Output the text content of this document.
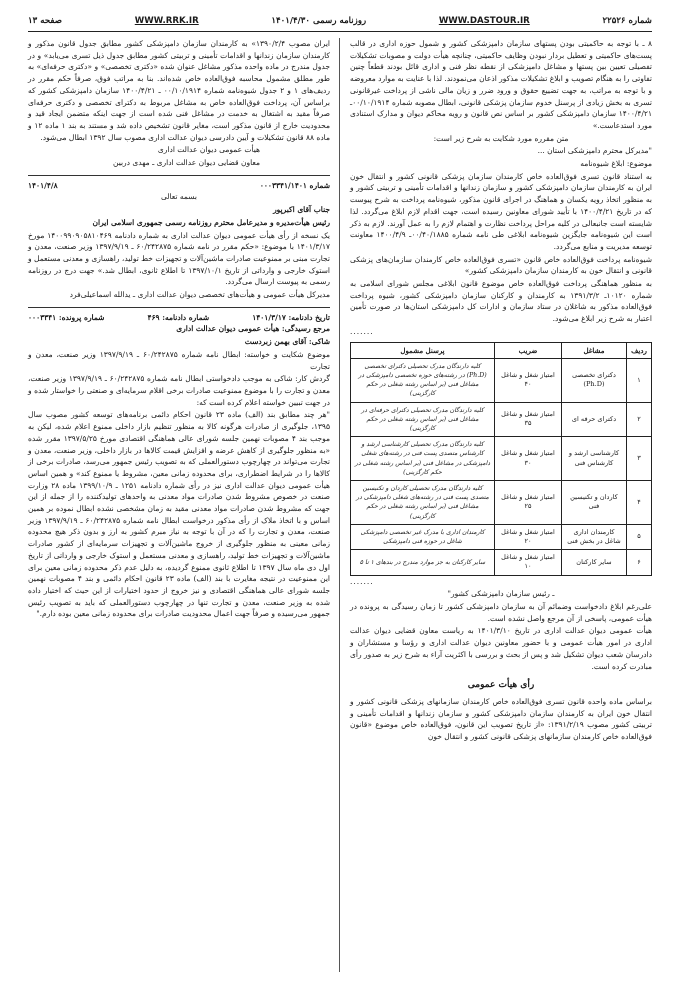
شماره ۲۲۵۲۶
WWW.DASTOUR.IR
روزنامه رسمی ۱۴۰۱/۴/۳۰
WWW.RRK.IR
صفحه ۱۳

۸ ـ با توجه به حاکمیتی بودن پستهای سازمان دامپزشکی کشور و شمول حوزه اداری در قالب پست‌های حاکمیتی و تعطیل بردار نبودن وظایف حاکمیتی، چنانچه هیأت دولت و مصوبات تشکیلات تفصیلی تعیین بین پستها و مشاغل دامپزشکی از نقطه نظر فنی و اداری قائل بودند قطعاً چنین تفاوتی را به هنگام تصویب و ابلاغ تشکیلات مذکور اذعان می‌نمودند. لذا با عنایت به موارد معروضه و با توجه به مراتب، به جهت تضییع حقوق و ورود ضرر و زیان مالی ناشی از پرداخت غیرقانونی تسری به بخش زیادی از پرسنل خدوم سازمان پزشکی قانونی، ابطال مصوبه شماره ۰۰/۱۰/۱۹۱۴ـ ۱۴۰۰/۴/۲۱ سازمان دامپزشکی کشور بر اساس نص قانون و رویه محاکم دیوان و مدارک استنادی مورد استدعاست.»

متن مقرره مورد شکایت به شرح زیر است:

"مدیرکل محترم دامپزشکی استان ...

موضوع: ابلاغ شیوه‌نامه

به استناد قانون تسری فوق‌العاده خاص کارمندان سازمان پزشکی قانونی کشور و انتقال خون ایران به کارمندان سازمان دامپزشکی کشور و سازمان زندانها و اقدامات تأمینی و تربیتی کشور و به منظور اتخاذ رویه یکسان و هماهنگ در اجرای قانون مذکور، شیوه‌نامه پرداخت به شرح پیوست که در تاریخ ۱۴۰۰/۴/۲۱ با تأیید شورای معاونین رسیده است، جهت اقدام لازم ابلاغ می‌گردد. لذا شایسته است جانبعالی در کلیه مراحل پرداخت نظارت و اهتمام لازم را به عمل آورند. لازم به ذکر است این شیوه‌نامه جایگزین شیوه‌نامه ابلاغی طی نامه شماره ۰۰/۴۰/۱۸۸۵ـ ۱۴۰۰/۴/۹ معاونت توسعه مدیریت و منابع می‌گردد.

شیوه‌نامه پرداخت فوق‌العاده خاص قانون «تسری فوق‌العاده خاص کارمندان سازمان‌های پزشکی قانونی و انتقال خون به کارمندان سازمان دامپزشکی کشور»

به منظور هماهنگی پرداخت فوق‌العاده خاص موضوع قانون ابلاغی مجلس شورای اسلامی به شماره ۱۰۱۲۰ـ ۱۳۹۱/۳/۲ به کارمندان و کارکنان سازمان دامپزشکی کشور، شیوه پرداخت فوق‌العاده مذکور به شاغلان در ستاد سازمان و ادارات کل دامپزشکی استان‌ها در صورت تأمین اعتبار به شرح زیر ابلاغ می‌شود.

.......

ردیف	مشاغل	ضریب	پرسنل مشمول
۱	دکترای تخصصی (Ph.D)	امتیاز شغل و شاغل ۴۰	کلیه دارندگان مدرک تحصیلی دکترای تخصصی (Ph.D) در رشته‌های حوزه تخصصی دامپزشکی در مشاغل فنی (بر اساس رشته شغلی در حکم کارگزینی)
۲	دکترای حرفه ای	امتیاز شغل و شاغل ۳۵	کلیه دارندگان مدرک تحصیلی دکترای حرفه‌ای در مشاغل فنی (بر اساس رشته شغلی در حکم کارگزینی)
۳	کارشناسی ارشد و کارشناس فنی	امتیاز شغل و شاغل ۳۰	کلیه دارندگان مدرک تحصیلی کارشناسی ارشد و کارشناس متصدی پست فنی در رشته‌های شغلی دامپزشکی در مشاغل فنی (بر اساس رشته شغلی در حکم کارگزینی)
۴	کاردان و تکنیسین فنی	امتیاز شغل و شاغل ۲۵	کلیه دارندگان مدرک تحصیلی کاردان و تکنیسین متصدی پست فنی در رشته‌های شغلی دامپزشکی در مشاغل فنی (بر اساس رشته شغلی در حکم کارگزینی)
۵	کارمندان اداری شاغل در بخش فنی	امتیاز شغل و شاغل ۲۰	کارمندان اداری با مدرک غیر تخصصی دامپزشکی شاغل در حوزه فنی دامپزشکی
۶	سایر کارکنان	امتیاز شغل و شاغل ۱۰	سایر کارکنان به جز موارد مندرج در بندهای ۱ تا ۵

.......

ـ رئیس سازمان دامپزشکی کشور"

علی‌رغم ابلاغ دادخواست وضمائم آن به سازمان دامپزشکی کشور تا زمان رسیدگی به پرونده در هیأت عمومی، پاسخی از آن مرجع واصل نشده است.

هیأت عمومی دیوان عدالت اداری در تاریخ ۱۴۰۱/۳/۱۰ به ریاست معاون قضایی دیوان عدالت اداری در امور هیأت عمومی و با حضور معاونین دیوان عدالت اداری و رؤسا و مستشاران و دادرسان شعب دیوان تشکیل شد و پس از بحث و بررسی با اکثریت آراء به شرح زیر به صدور رأی مبادرت کرده است.

رأی هیأت عمومی

براساس ماده واحده قانون تسری فوق‌العاده خاص کارمندان سازمانهای پزشکی قانونی کشور و انتقال خون ایران به کارمندان سازمان دامپزشکی کشور و سازمان زندانها و اقدامات تأمینی و تربیتی کشور مصوب ۱۳۹۱/۲/۱۹: «از تاریخ تصویب این قانون، فوق‌العاده خاص موضوع «قانون فوق‌العاده خاص کارمندان سازمانهای پزشکی قانونی کشور و انتقال خون

ایران مصوب ۱۳۹۰/۲/۴» به کارمندان سازمان دامپزشکی کشور مطابق جدول قانون مذکور و کارمندان سازمان زندانها و اقدامات تأمینی و تربیتی کشور مطابق جدول ذیل تسری می‌یابد» و در جدول مندرج در ماده واحده مذکور مشاغل عنوان شده «دکتری تخصصی» و «دکتری حرفه‌ای» به طور مطلق مشمول محاسبه فوق‌العاده خاص شده‌اند. بنا به مراتب فوق، صرفاً حکم مقرر در ردیف‌های ۱ و ۲ جدول شیوه‌نامه شماره ۰۰/۱۰/۱۹۱۴ ـ ۱۴۰۰/۴/۲۱ سازمان دامپزشکی کشور که براساس آن، پرداخت فوق‌العاده خاص به مشاغل مربوط به دکترای تخصصی و دکتری حرفه‌ای صرفاً مقید به اشتغال به خدمت در مشاغل فنی شده است از جهت اینکه متضمن ایجاد قید و محدودیت خارج از قانون مذکور است، مغایر قانون تشخیص داده شد و مستند به بند ۱ ماده ۱۲ و ماده ۸۸ قانون تشکیلات و آیین دادرسی دیوان عدالت اداری مصوب سال ۱۳۹۲ ابطال می‌شود.

هیأت عمومی دیوان عدالت اداری

معاون قضایی دیوان عدالت اداری ـ مهدی دربین

شماره ۰۰۰۳۳۴۱/۱۴۰۱
۱۴۰۱/۴/۸

بسمه تعالی

جناب آقای اکبرپور

رئیس هیأت‌مدیره و مدیرعامل محترم روزنامه رسمی جمهوری اسلامی ایران

یک نسخه از رأی هیأت عمومی دیوان عدالت اداری به شماره دادنامه ۱۴۰۰۹۹۰۹۰۵۸۱۰۴۶۹ مورخ ۱۴۰۱/۳/۱۷ با موضوع: «حکم مقرر در نامه شماره ۶۰/۲۴۲۸۷۵ ـ ۱۳۹۷/۹/۱۹ وزیر صنعت، معدن و تجارت مبنی بر ممنوعیت صادرات ماشین‌آلات و تجهیزات خط تولید، راهسازی و معدنی مستعمل و استوک خارجی و وارداتی از تاریخ ۱۳۹۷/۱۰/۱ تا اطلاع ثانوی، ابطال شد.» جهت درج در روزنامه رسمی به پیوست ارسال می‌گردد.

مدیرکل هیأت عمومی و هیأت‌های تخصصی دیوان عدالت اداری ـ یدالله اسماعیلی‌فرد

تاریخ دادنامه: ۱۴۰۱/۳/۱۷
شماره دادنامه: ۴۶۹
شماره پرونده: ۰۰۰۳۳۴۱

مرجع رسیدگی: هیأت عمومی دیوان عدالت اداری

شاکی: آقای بهمن زبردست

موضوع شکایت و خواسته: ابطال نامه شماره ۶۰/۲۴۲۸۷۵ ـ ۱۳۹۷/۹/۱۹ وزیر صنعت، معدن و تجارت

گردش کار: شاکی به موجب دادخواستی ابطال نامه شماره ۶۰/۲۴۲۸۷۵ ـ ۱۳۹۷/۹/۱۹ وزیر صنعت، معدن و تجارت را با موضوع ممنوعیت صادرات برخی اقلام سرمایه‌ای و صنعتی را خواستار شده و در جهت تبیین خواسته اعلام کرده است که:

"هر چند مطابق بند (الف) ماده ۲۳ قانون احکام دائمی برنامه‌های توسعه کشور مصوب سال ۱۳۹۵، جلوگیری از صادرات هرگونه کالا به منظور تنظیم بازار داخلی ممنوع اعلام شده، لیکن به موجب بند ۴ مصوبات نهمین جلسه شورای عالی هماهنگی اقتصادی مورخ ۱۳۹۷/۵/۲۵ مقرر شده «به منظور جلوگیری از کاهش عرضه و افزایش قیمت کالاها در بازار داخلی، وزیر صنعت، معدن و تجارت می‌تواند در چهارچوب دستورالعملی که به تصویب رئیس جمهور می‌رسد، صادرات برخی از کالاها را در شرایط اضطراری، برای محدوده زمانی معین، مشروط یا ممنوع کند» و همین اساس هیأت عمومی دیوان عدالت اداری نیز در رأی شماره دادنامه ۱۲۵۱ ـ ۱۳۹۹/۱۰/۹ ماده ۲۸ وزارت صنعت در خصوص مشروط شدن صادرات مواد معدنی به واحدهای تولیدکننده را از جمله از این جهت که مشروط شدن صادرات مواد معدنی مقید به زمان مشخصی نشده ابطال نموده بر همین اساس و با اتخاذ ملاک از رأی مذکور درخواست ابطال نامه شماره ۶۰/۲۴۲۸۷۵ ـ ۱۳۹۷/۹/۱۹ وزیر صنعت، معدن و تجارت را که در آن با توجه به نیاز مبرم کشور به ارز و بدون ذکر هیچ محدوده زمانی معینی به منظور جلوگیری از خروج ماشین‌آلات و تجهیزات سرمایه‌ای از کشور صادرات ماشین‌آلات و تجهیزات خط تولید، راهسازی و معدنی مستعمل و استوک خارجی و وارداتی از تاریخ اول دی ماه سال ۱۳۹۷ تا اطلاع ثانوی ممنوع گردیده، به دلیل عدم ذکر محدوده زمانی معین برای این ممنوعیت در نتیجه مغایرت با بند (الف) ماده ۲۳ قانون احکام دائمی و بند ۴ مصوبات نهمین جلسه شورای عالی هماهنگی اقتصادی و نیز خروج از حدود اختیارات از این حیث که اختیار داده شده به وزیر صنعت، معدن و تجارت تنها در چهارچوب دستورالعملی که باید به تصویب رئیس جمهور می‌رسیده و صرفاً جهت اعمال محدودیت صادرات برای محدوده زمانی معین بوده دارم."
